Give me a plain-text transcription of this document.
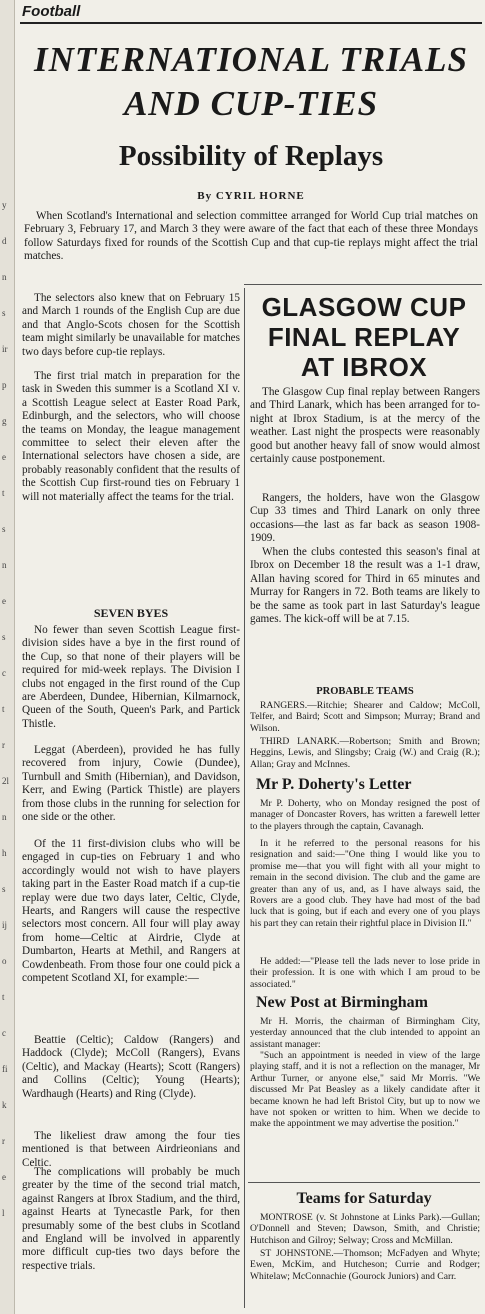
y
d
n
s
ir
p
g
e
t
s
n
e
s
c
t
r
2l
n
h
s
ij
o
t
c
fi
k
r
e
l
Football
INTERNATIONAL TRIALS
AND CUP-TIES
Possibility of Replays
By CYRIL HORNE

When Scotland's International and selection committee arranged for World Cup trial matches on February 3, February 17, and March 3 they were aware of the fact that each of these three Mondays follow Saturdays fixed for rounds of the Scottish Cup and that cup-tie replays might affect the trial matches.

The selectors also knew that on February 15 and March 1 rounds of the English Cup are due and that Anglo-Scots chosen for the Scottish team might similarly be unavailable for matches two days before cup-tie replays.

The first trial match in preparation for the task in Sweden this summer is a Scotland XI v. a Scottish League select at Easter Road Park, Edinburgh, and the selectors, who will choose the teams on Monday, the league management committee to select their eleven after the International selectors have chosen a side, are probably reasonably confident that the results of the Scottish Cup first-round ties on February 1 will not materially affect the teams for the trial.

SEVEN BYES

No fewer than seven Scottish League first-division sides have a bye in the first round of the Cup, so that none of their players will be required for mid-week replays. The Division I clubs not engaged in the first round of the Cup are Aberdeen, Dundee, Hibernian, Kilmarnock, Queen of the South, Queen's Park, and Partick Thistle.

Leggat (Aberdeen), provided he has fully recovered from injury, Cowie (Dundee), Turnbull and Smith (Hibernian), and Davidson, Kerr, and Ewing (Partick Thistle) are players from those clubs in the running for selection for one side or the other.

Of the 11 first-division clubs who will be engaged in cup-ties on February 1 and who accordingly would not wish to have players taking part in the Easter Road match if a cup-tie replay were due two days later, Celtic, Clyde, Hearts, and Rangers will cause the respective selectors most concern. All four will play away from home—Celtic at Airdrie, Clyde at Dumbarton, Hearts at Methil, and Rangers at Cowdenbeath. From those four one could pick a competent Scotland XI, for example:—

Beattie (Celtic); Caldow (Rangers) and Haddock (Clyde); McColl (Rangers), Evans (Celtic), and Mackay (Hearts); Scott (Rangers) and Collins (Celtic); Young (Hearts); Wardhaugh (Hearts) and Ring (Clyde).

The likeliest draw among the four ties mentioned is that between Airdrieonians and Celtic.

The complications will probably be much greater by the time of the second trial match, against Rangers at Ibrox Stadium, and the third, against Hearts at Tynecastle Park, for then presumably some of the best clubs in Scotland and England will be involved in apparently more difficult cup-ties two days before the respective trials.

GLASGOW CUP
FINAL REPLAY
AT IBROX

The Glasgow Cup final replay between Rangers and Third Lanark, which has been arranged for to-night at Ibrox Stadium, is at the mercy of the weather. Last night the prospects were reasonably good but another heavy fall of snow would almost certainly cause postponement.

Rangers, the holders, have won the Glasgow Cup 33 times and Third Lanark on only three occasions—the last as far back as season 1908-1909.

When the clubs contested this season's final at Ibrox on December 18 the result was a 1-1 draw, Allan having scored for Third in 65 minutes and Murray for Rangers in 72. Both teams are likely to be the same as took part in last Saturday's league games. The kick-off will be at 7.15.

PROBABLE TEAMS

RANGERS.—Ritchie; Shearer and Caldow; McColl, Telfer, and Baird; Scott and Simpson; Murray; Brand and Wilson.

THIRD LANARK.—Robertson; Smith and Brown; Heggins, Lewis, and Slingsby; Craig (W.) and Craig (R.); Allan; Gray and McInnes.

Mr P. Doherty's Letter

Mr P. Doherty, who on Monday resigned the post of manager of Doncaster Rovers, has written a farewell letter to the players through the captain, Cavanagh.

In it he referred to the personal reasons for his resignation and said:—"One thing I would like you to promise me—that you will fight with all your might to remain in the second division. The club and the game are greater than any of us, and, as I have always said, the Rovers are a good club. They have had most of the bad luck that is going, but if each and every one of you plays his part they can retain their rightful place in Division II."

He added:—"Please tell the lads never to lose pride in their profession. It is one with which I am proud to be associated."

New Post at Birmingham

Mr H. Morris, the chairman of Birmingham City, yesterday announced that the club intended to appoint an assistant manager:

"Such an appointment is needed in view of the large playing staff, and it is not a reflection on the manager, Mr Arthur Turner, or anyone else," said Mr Morris. "We discussed Mr Pat Beasley as a likely candidate after it became known he had left Bristol City, but up to now we have not spoken or written to him. When we decide to make the appointment we may advertise the position."

Teams for Saturday

MONTROSE (v. St Johnstone at Links Park).—Gullan; O'Donnell and Steven; Dawson, Smith, and Christie; Hutchison and Gilroy; Selway; Cross and McMillan.

ST JOHNSTONE.—Thomson; McFadyen and Whyte; Ewen, McKim, and Hutcheson; Currie and Rodger; Whitelaw; McConnachie (Gourock Juniors) and Carr.
